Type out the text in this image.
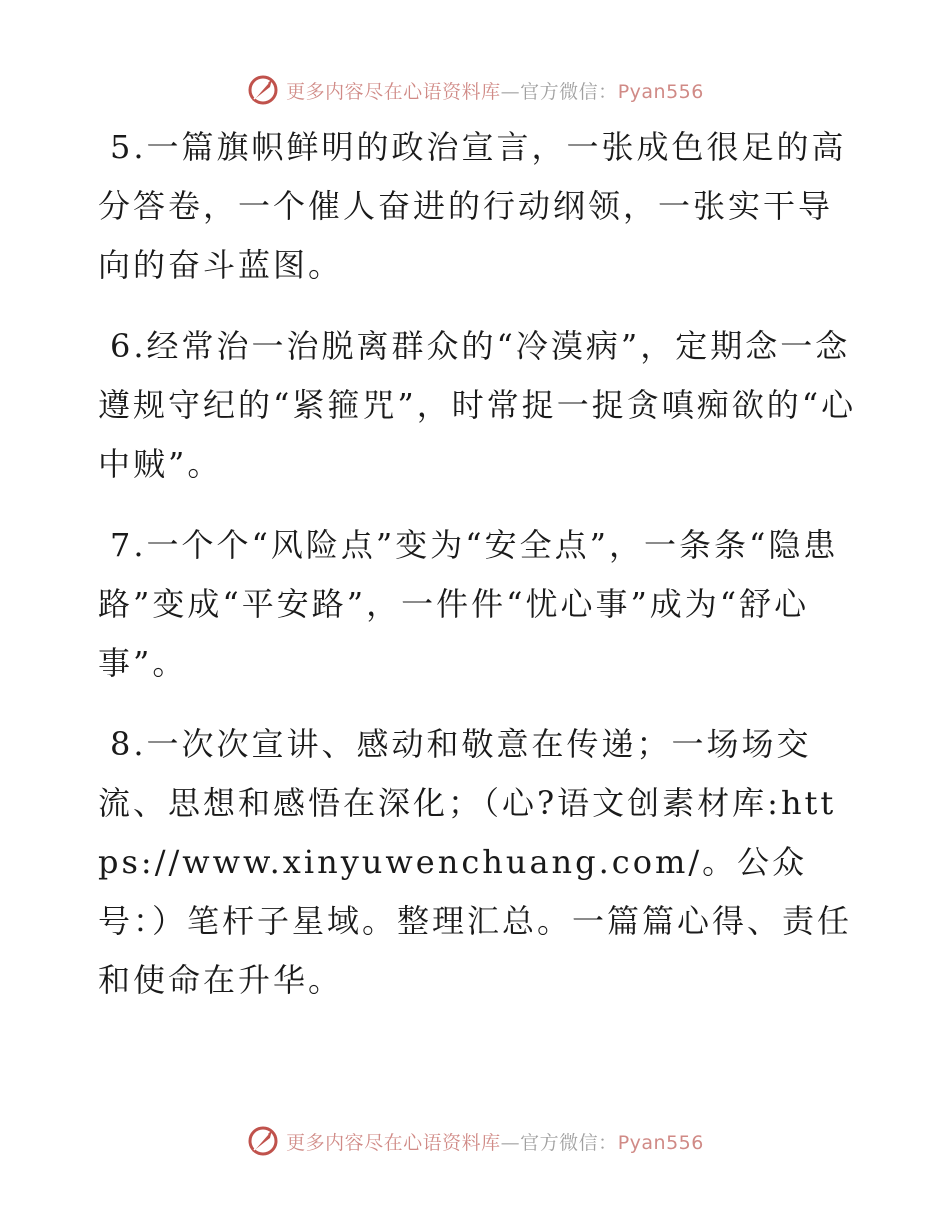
更多内容尽在心语资料库—官方微信：Pyan556

5.一篇旗帜鲜明的政治宣言，一张成色很足的高分答卷，一个催人奋进的行动纲领，一张实干导向的奋斗蓝图。

6.经常治一治脱离群众的“冷漠病”，定期念一念遵规守纪的“紧箍咒”，时常捉一捉贪嗔痴欲的“心中贼”。

7.一个个“风险点”变为“安全点”，一条条“隐患路”变成“平安路”，一件件“忧心事”成为“舒心事”。

8.一次次宣讲、感动和敬意在传递；一场场交流、思想和感悟在深化；（心?语文创素材库:https://www.xinyuwenchuang.com/。公众号：）笔杆子星域。整理汇总。一篇篇心得、责任和使命在升华。

更多内容尽在心语资料库—官方微信：Pyan556
